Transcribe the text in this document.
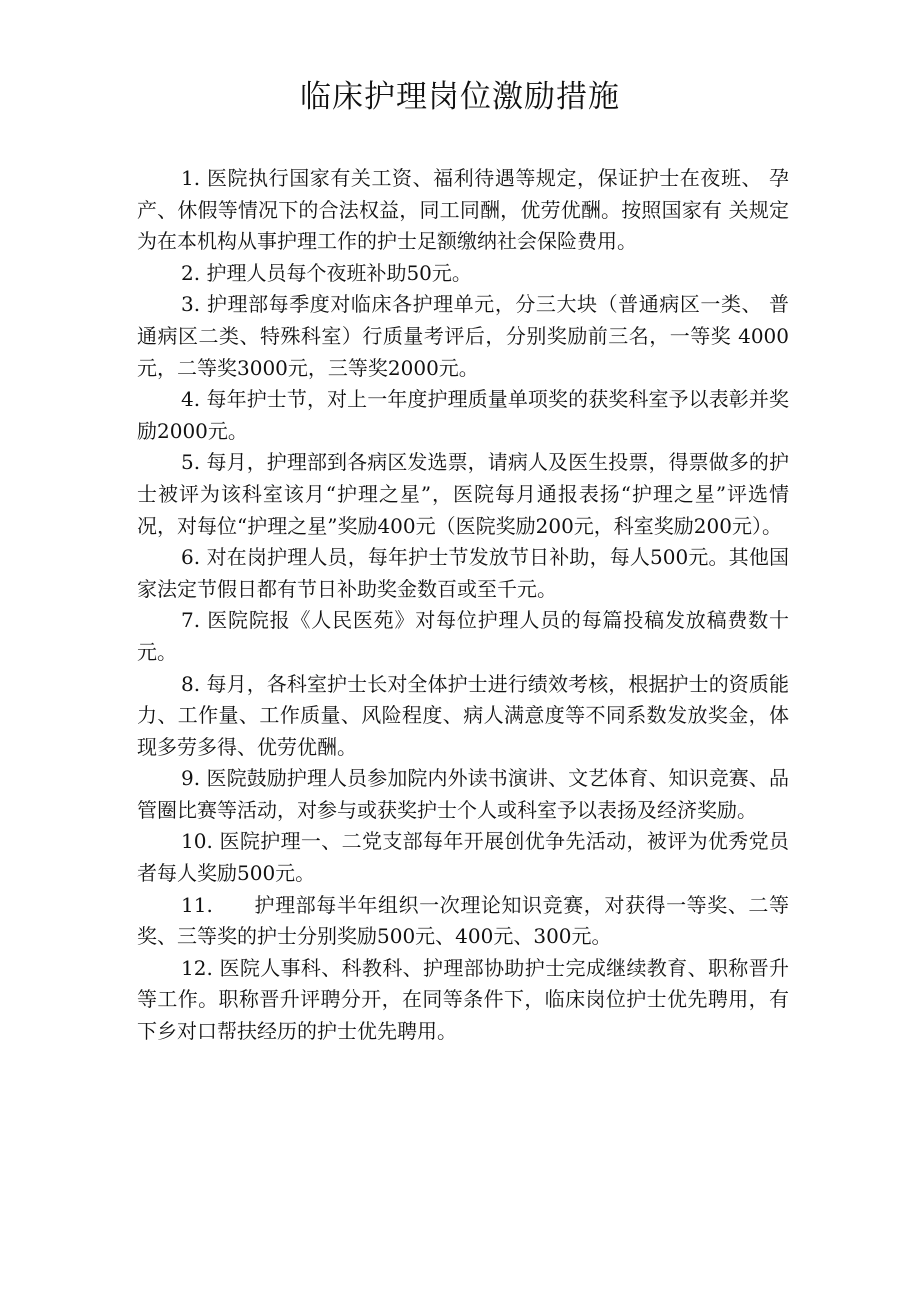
临床护理岗位激励措施

1. 医院执行国家有关工资、福利待遇等规定，保证护士在夜班、 孕产、休假等情况下的合法权益，同工同酬，优劳优酬。按照国家有 关规定为在本机构从事护理工作的护士足额缴纳社会保险费用。

2. 护理人员每个夜班补助50元。

3. 护理部每季度对临床各护理单元，分三大块（普通病区一类、 普通病区二类、特殊科室）行质量考评后，分别奖励前三名，一等奖 4000元，二等奖3000元，三等奖2000元。

4. 每年护士节，对上一年度护理质量单项奖的获奖科室予以表彰并奖励2000元。

5. 每月，护理部到各病区发选票，请病人及医生投票，得票做多的护士被评为该科室该月“护理之星”，医院每月通报表扬“护理之星”评选情况，对每位“护理之星”奖励400元（医院奖励200元，科室奖励200元）。

6. 对在岗护理人员，每年护士节发放节日补助，每人500元。其他国家法定节假日都有节日补助奖金数百或至千元。

7. 医院院报《人民医苑》对每位护理人员的每篇投稿发放稿费数十元。

8. 每月，各科室护士长对全体护士进行绩效考核，根据护士的资质能力、工作量、工作质量、风险程度、病人满意度等不同系数发放奖金，体现多劳多得、优劳优酬。

9. 医院鼓励护理人员参加院内外读书演讲、文艺体育、知识竞赛、品管圈比赛等活动，对参与或获奖护士个人或科室予以表扬及经济奖励。

10. 医院护理一、二党支部每年开展创优争先活动，被评为优秀党员者每人奖励500元。

11.　　护理部每半年组织一次理论知识竞赛，对获得一等奖、二等 奖、三等奖的护士分别奖励500元、400元、300元。

12. 医院人事科、科教科、护理部协助护士完成继续教育、职称晋升等工作。职称晋升评聘分开，在同等条件下，临床岗位护士优先聘用，有下乡对口帮扶经历的护士优先聘用。
